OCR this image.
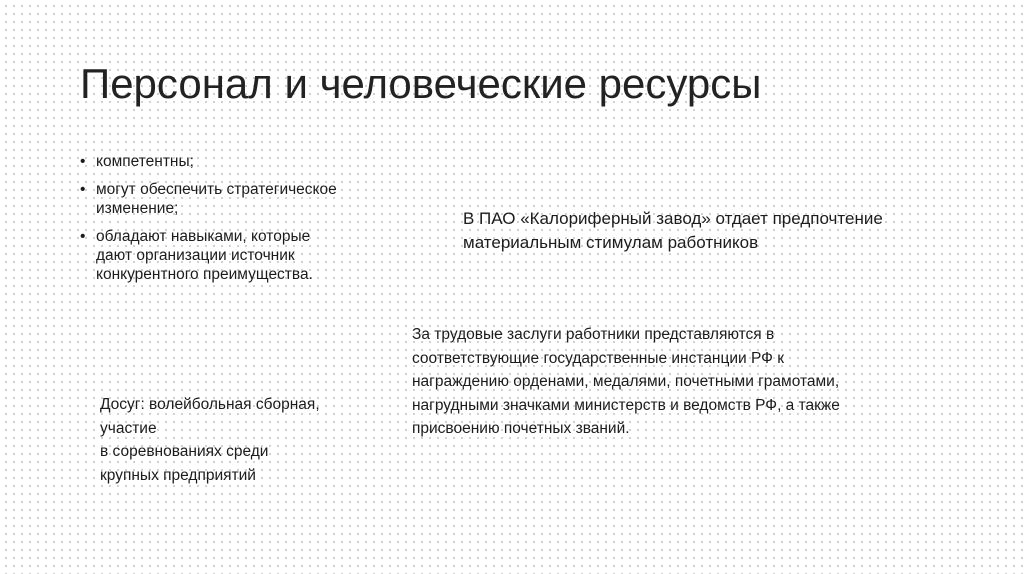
Персонал и человеческие ресурсы
• компетентны;
• могут обеспечить стратегическое
изменение;
• обладают навыками, которые
дают организации источник
конкурентного преимущества.

В ПАО «Калориферный завод» отдает предпочтение
материальным стимулам работников

За трудовые заслуги работники представляются в
соответствующие государственные инстанции РФ к
награждению орденами, медалями, почетными грамотами,
нагрудными значками министерств и ведомств РФ, а также
присвоению почетных званий.

Досуг: волейбольная сборная,
участие
в соревнованиях среди
крупных предприятий
